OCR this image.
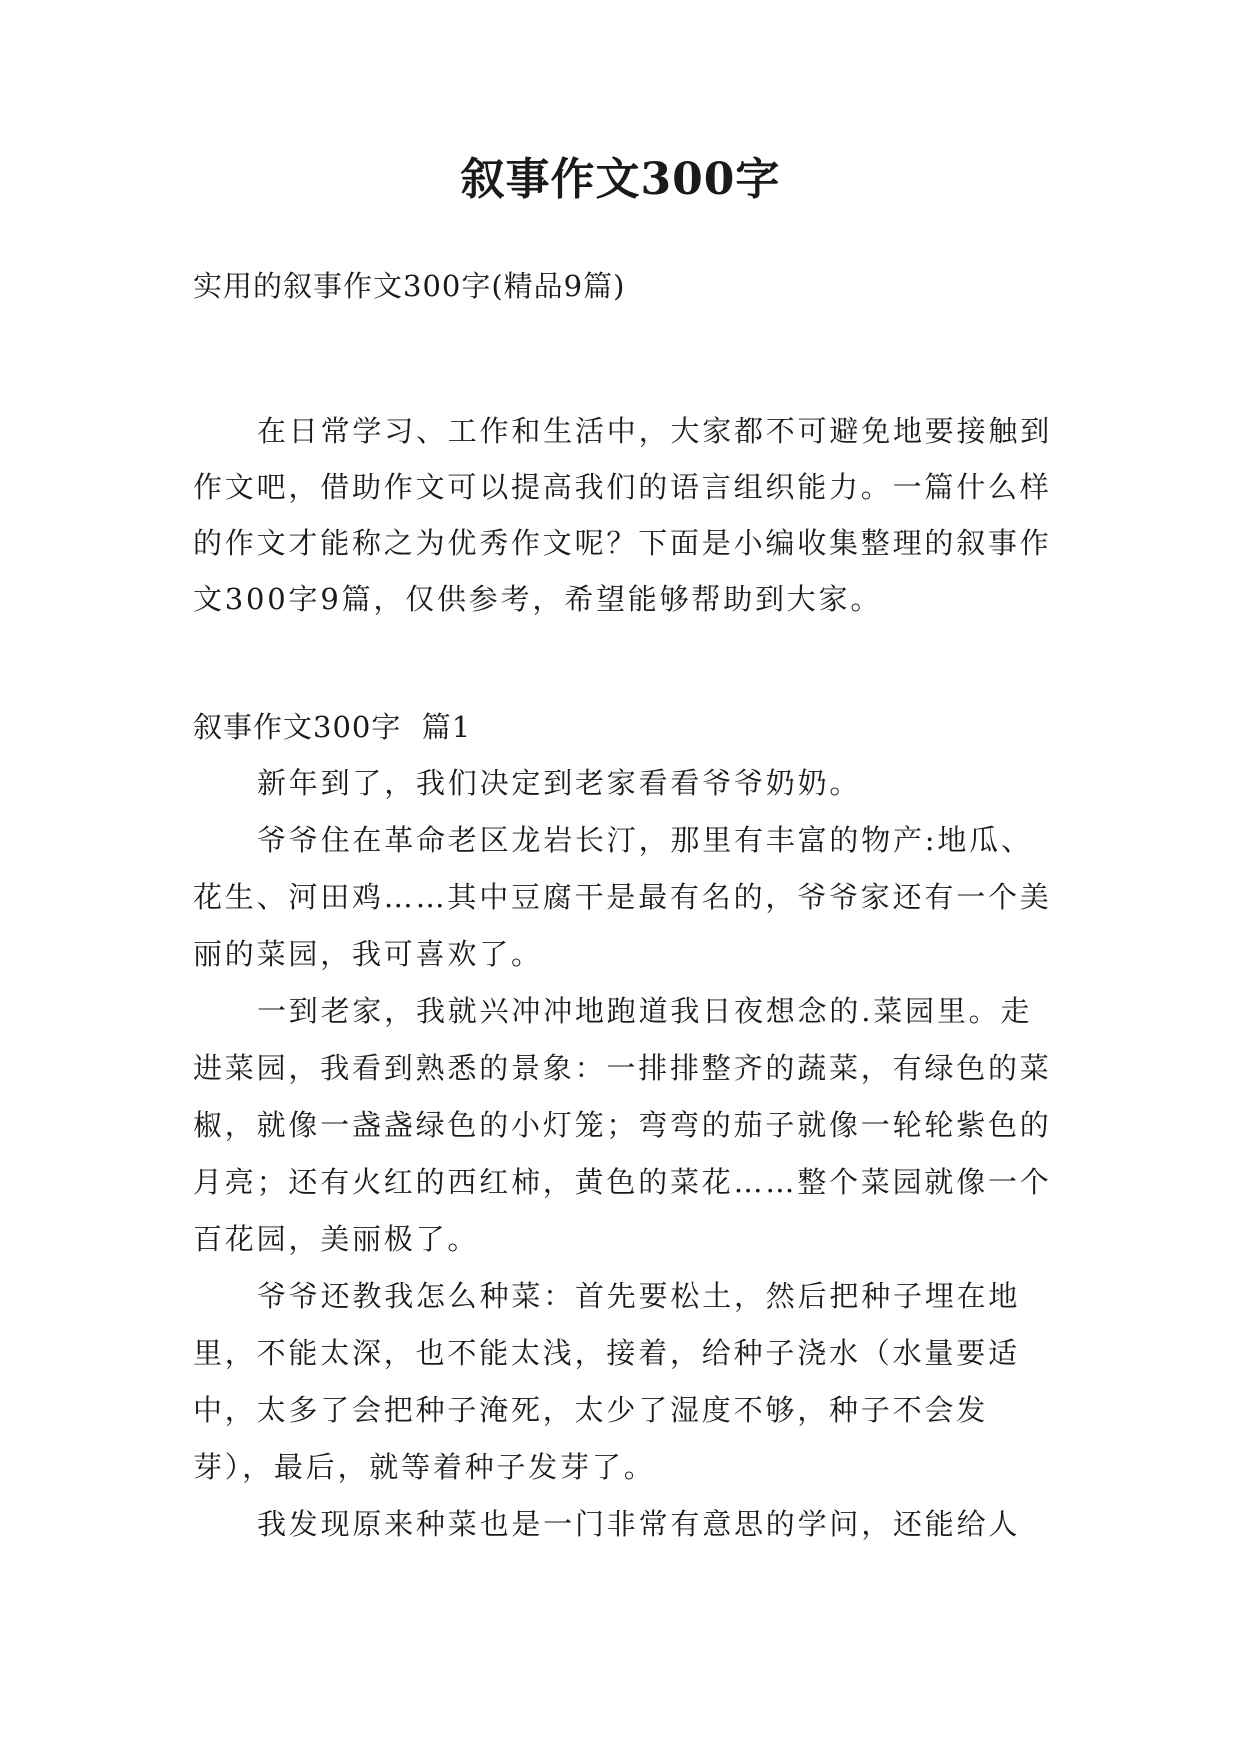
叙事作文300字
实用的叙事作文300字(精品9篇)

在日常学习、工作和生活中，大家都不可避免地要接触到作文吧，借助作文可以提高我们的语言组织能力。一篇什么样的作文才能称之为优秀作文呢？下面是小编收集整理的叙事作文300字9篇，仅供参考，希望能够帮助到大家。

叙事作文300字  篇1

新年到了，我们决定到老家看看爷爷奶奶。

爷爷住在革命老区龙岩长汀，那里有丰富的物产:地瓜、花生、河田鸡……其中豆腐干是最有名的，爷爷家还有一个美丽的菜园，我可喜欢了。

一到老家，我就兴冲冲地跑道我日夜想念的.菜园里。走进菜园，我看到熟悉的景象：一排排整齐的蔬菜，有绿色的菜椒，就像一盏盏绿色的小灯笼；弯弯的茄子就像一轮轮紫色的月亮；还有火红的西红柿，黄色的菜花……整个菜园就像一个百花园，美丽极了。

爷爷还教我怎么种菜：首先要松土，然后把种子埋在地里，不能太深，也不能太浅，接着，给种子浇水（水量要适中，太多了会把种子淹死，太少了湿度不够，种子不会发芽），最后，就等着种子发芽了。

我发现原来种菜也是一门非常有意思的学问，还能给人
